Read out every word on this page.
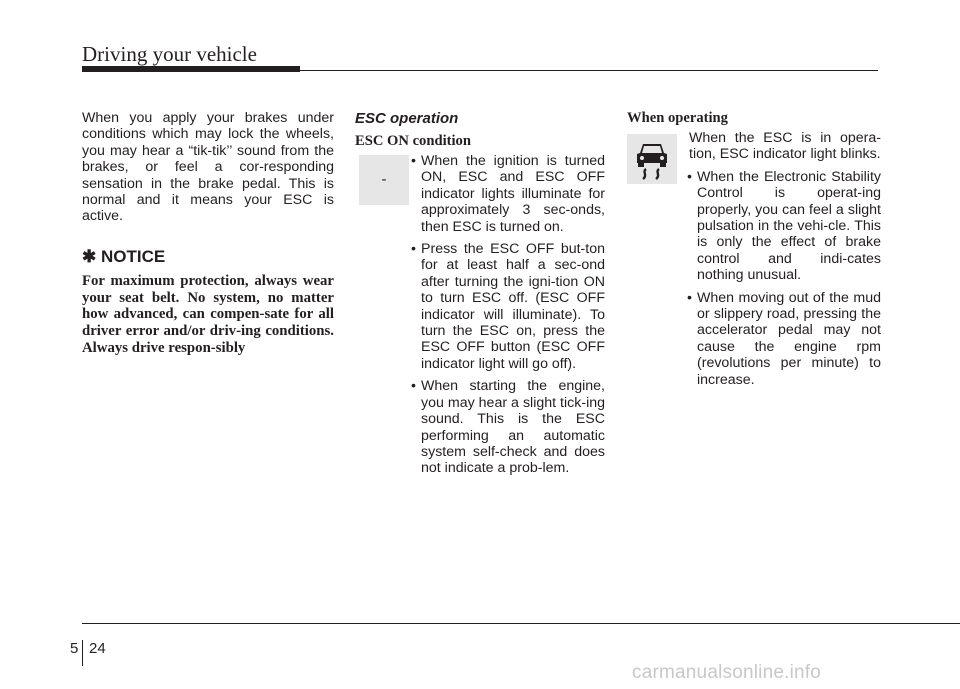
Driving your vehicle

When you apply your brakes under conditions which may lock the wheels, you may hear a “tik-tik’’ sound from the brakes, or feel a cor-responding sensation in the brake pedal. This is normal and it means your ESC is active.

✱ NOTICE

For maximum protection, always wear your seat belt. No system, no matter how advanced, can compen-sate for all driver error and/or driv-ing conditions. Always drive respon-sibly

ESC operation
ESC ON condition
-
• When the ignition is turned ON, ESC and ESC OFF indicator lights illuminate for approximately 3 sec-onds, then ESC is turned on.
• Press the ESC OFF but-ton for at least half a sec-ond after turning the igni-tion ON to turn ESC off. (ESC OFF indicator will illuminate). To turn the ESC on, press the ESC OFF button (ESC OFF indicator light will go off).
• When starting the engine, you may hear a slight tick-ing sound. This is the ESC performing an automatic system self-check and does not indicate a prob-lem.
When operating

When the ESC is in opera-tion, ESC indicator light blinks.

• When the Electronic Stability Control is operat-ing properly, you can feel a slight pulsation in the vehi-cle. This is only the effect of brake control and indi-cates nothing unusual.
• When moving out of the mud or slippery road, pressing the accelerator pedal may not cause the engine rpm (revolutions per minute) to increase.
5 24
carmanualsonline.info
